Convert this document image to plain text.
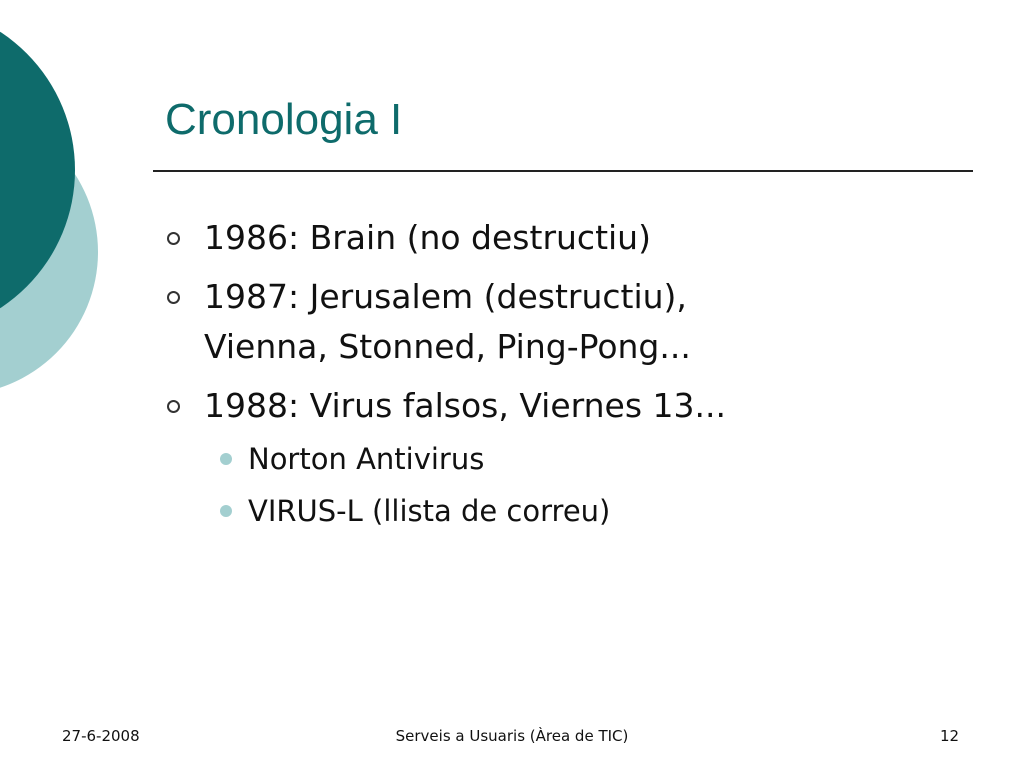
Cronologia I
1986: Brain (no destructiu)
1987: Jerusalem (destructiu),
Vienna, Stonned, Ping-Pong...
1988: Virus falsos, Viernes 13...
Norton Antivirus
VIRUS-L (llista de correu)
27-6-2008	Serveis a Usuaris (Àrea de TIC)	12
